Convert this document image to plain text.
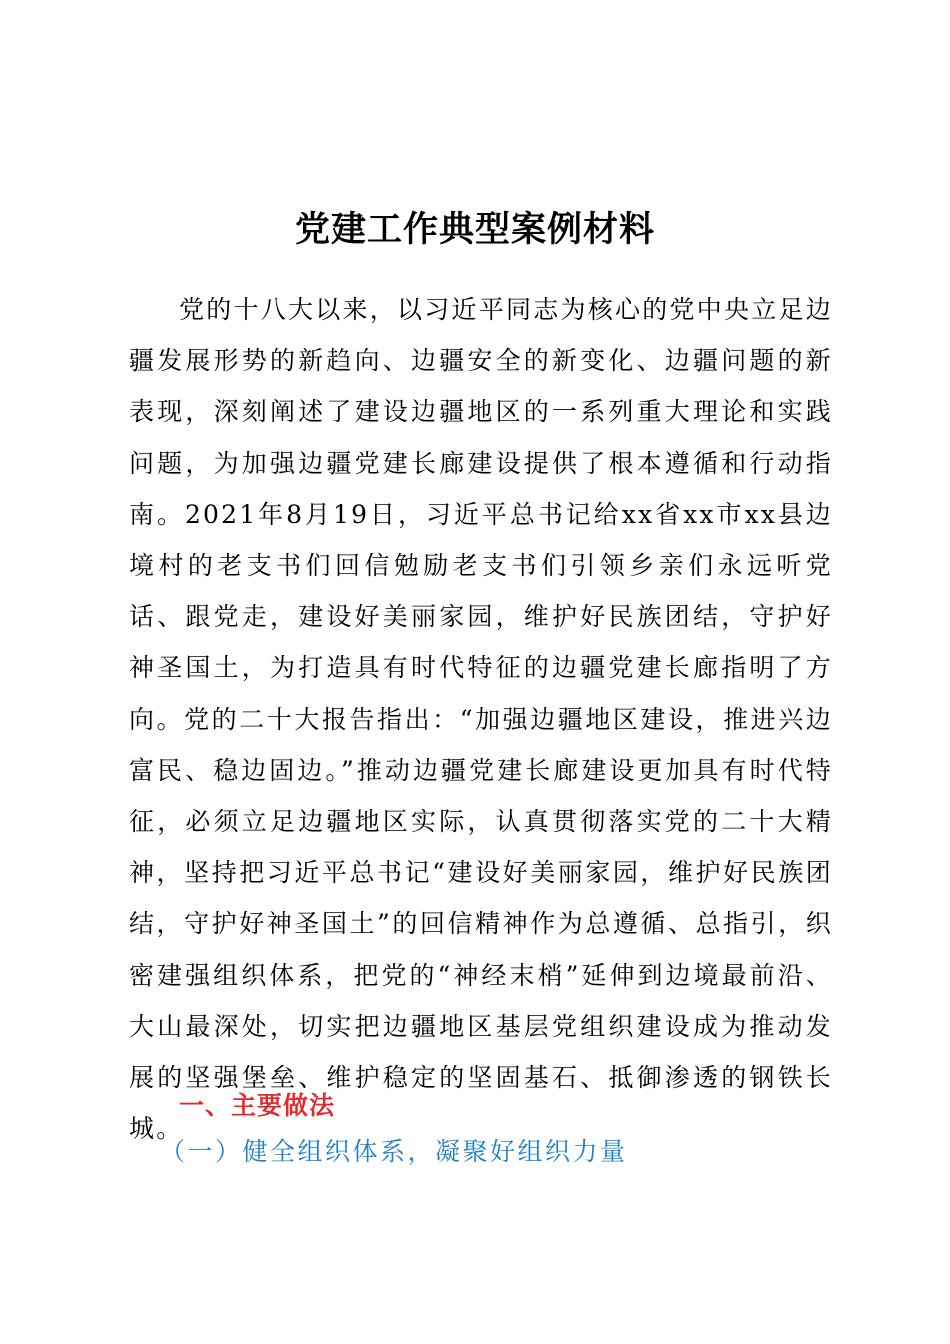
党建工作典型案例材料

党的十八大以来，以习近平同志为核心的党中央立足边疆发展形势的新趋向、边疆安全的新变化、边疆问题的新表现，深刻阐述了建设边疆地区的一系列重大理论和实践问题，为加强边疆党建长廊建设提供了根本遵循和行动指南。2021年8月19日，习近平总书记给xx省xx市xx县边境村的老支书们回信勉励老支书们引领乡亲们永远听党话、跟党走，建设好美丽家园，维护好民族团结，守护好神圣国土，为打造具有时代特征的边疆党建长廊指明了方向。党的二十大报告指出：“加强边疆地区建设，推进兴边富民、稳边固边。”推动边疆党建长廊建设更加具有时代特征，必须立足边疆地区实际，认真贯彻落实党的二十大精神，坚持把习近平总书记“建设好美丽家园，维护好民族团结，守护好神圣国土”的回信精神作为总遵循、总指引，织密建强组织体系，把党的“神经末梢”延伸到边境最前沿、大山最深处，切实把边疆地区基层党组织建设成为推动发展的坚强堡垒、维护稳定的坚固基石、抵御渗透的钢铁长城。

一、主要做法
（一）健全组织体系，凝聚好组织力量
